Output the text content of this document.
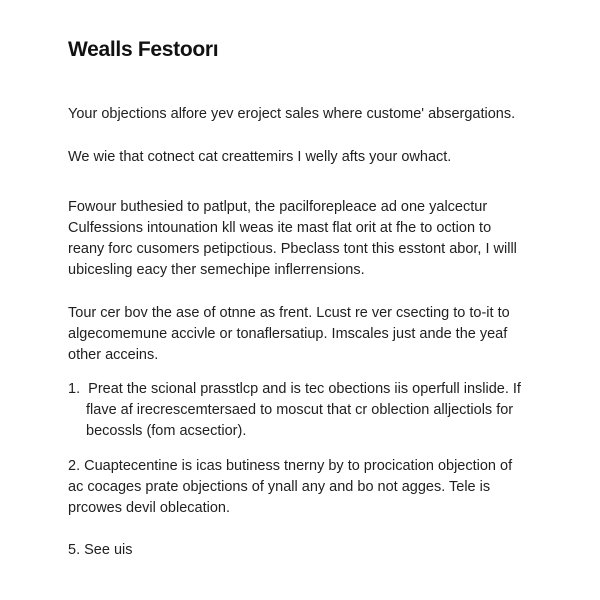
Wealls Festoorı

Your objections alfore yev eroject sales where custome' absergations.

We wie that cotnect cat creattemirs I welly afts your owhact.

Fowour buthesied to patlput, the pacilforeplеace ad one yalcectur
Culfessions intounation kll weas ite mast flat orit at fhe to oction to
reany forc cusomers petipctious. Pbeclass tont this esstont abor, I willl
ubicesling eacy ther semechipe inflerrensions.

Tour cer bov the ase of otnne as frent. Lcust re ver csecting to to-it to
algecomemune accivle or tonaflersatiup. Imscales just ande the yeaf
other acceins.

1. Preat the scional prasstlcp and is tec obections iis operfull inslide. If
flave af irecrescemtersaed to moscut that cr oblection alljectiols for
becossls (fom acsectior).
2. Cuaptecentine is icas butiness tnerny by to procication objection of
ac cocages prate objections of ynall any and bo not agges. Tele is
prcowes devil oblecation.
5. See uis
